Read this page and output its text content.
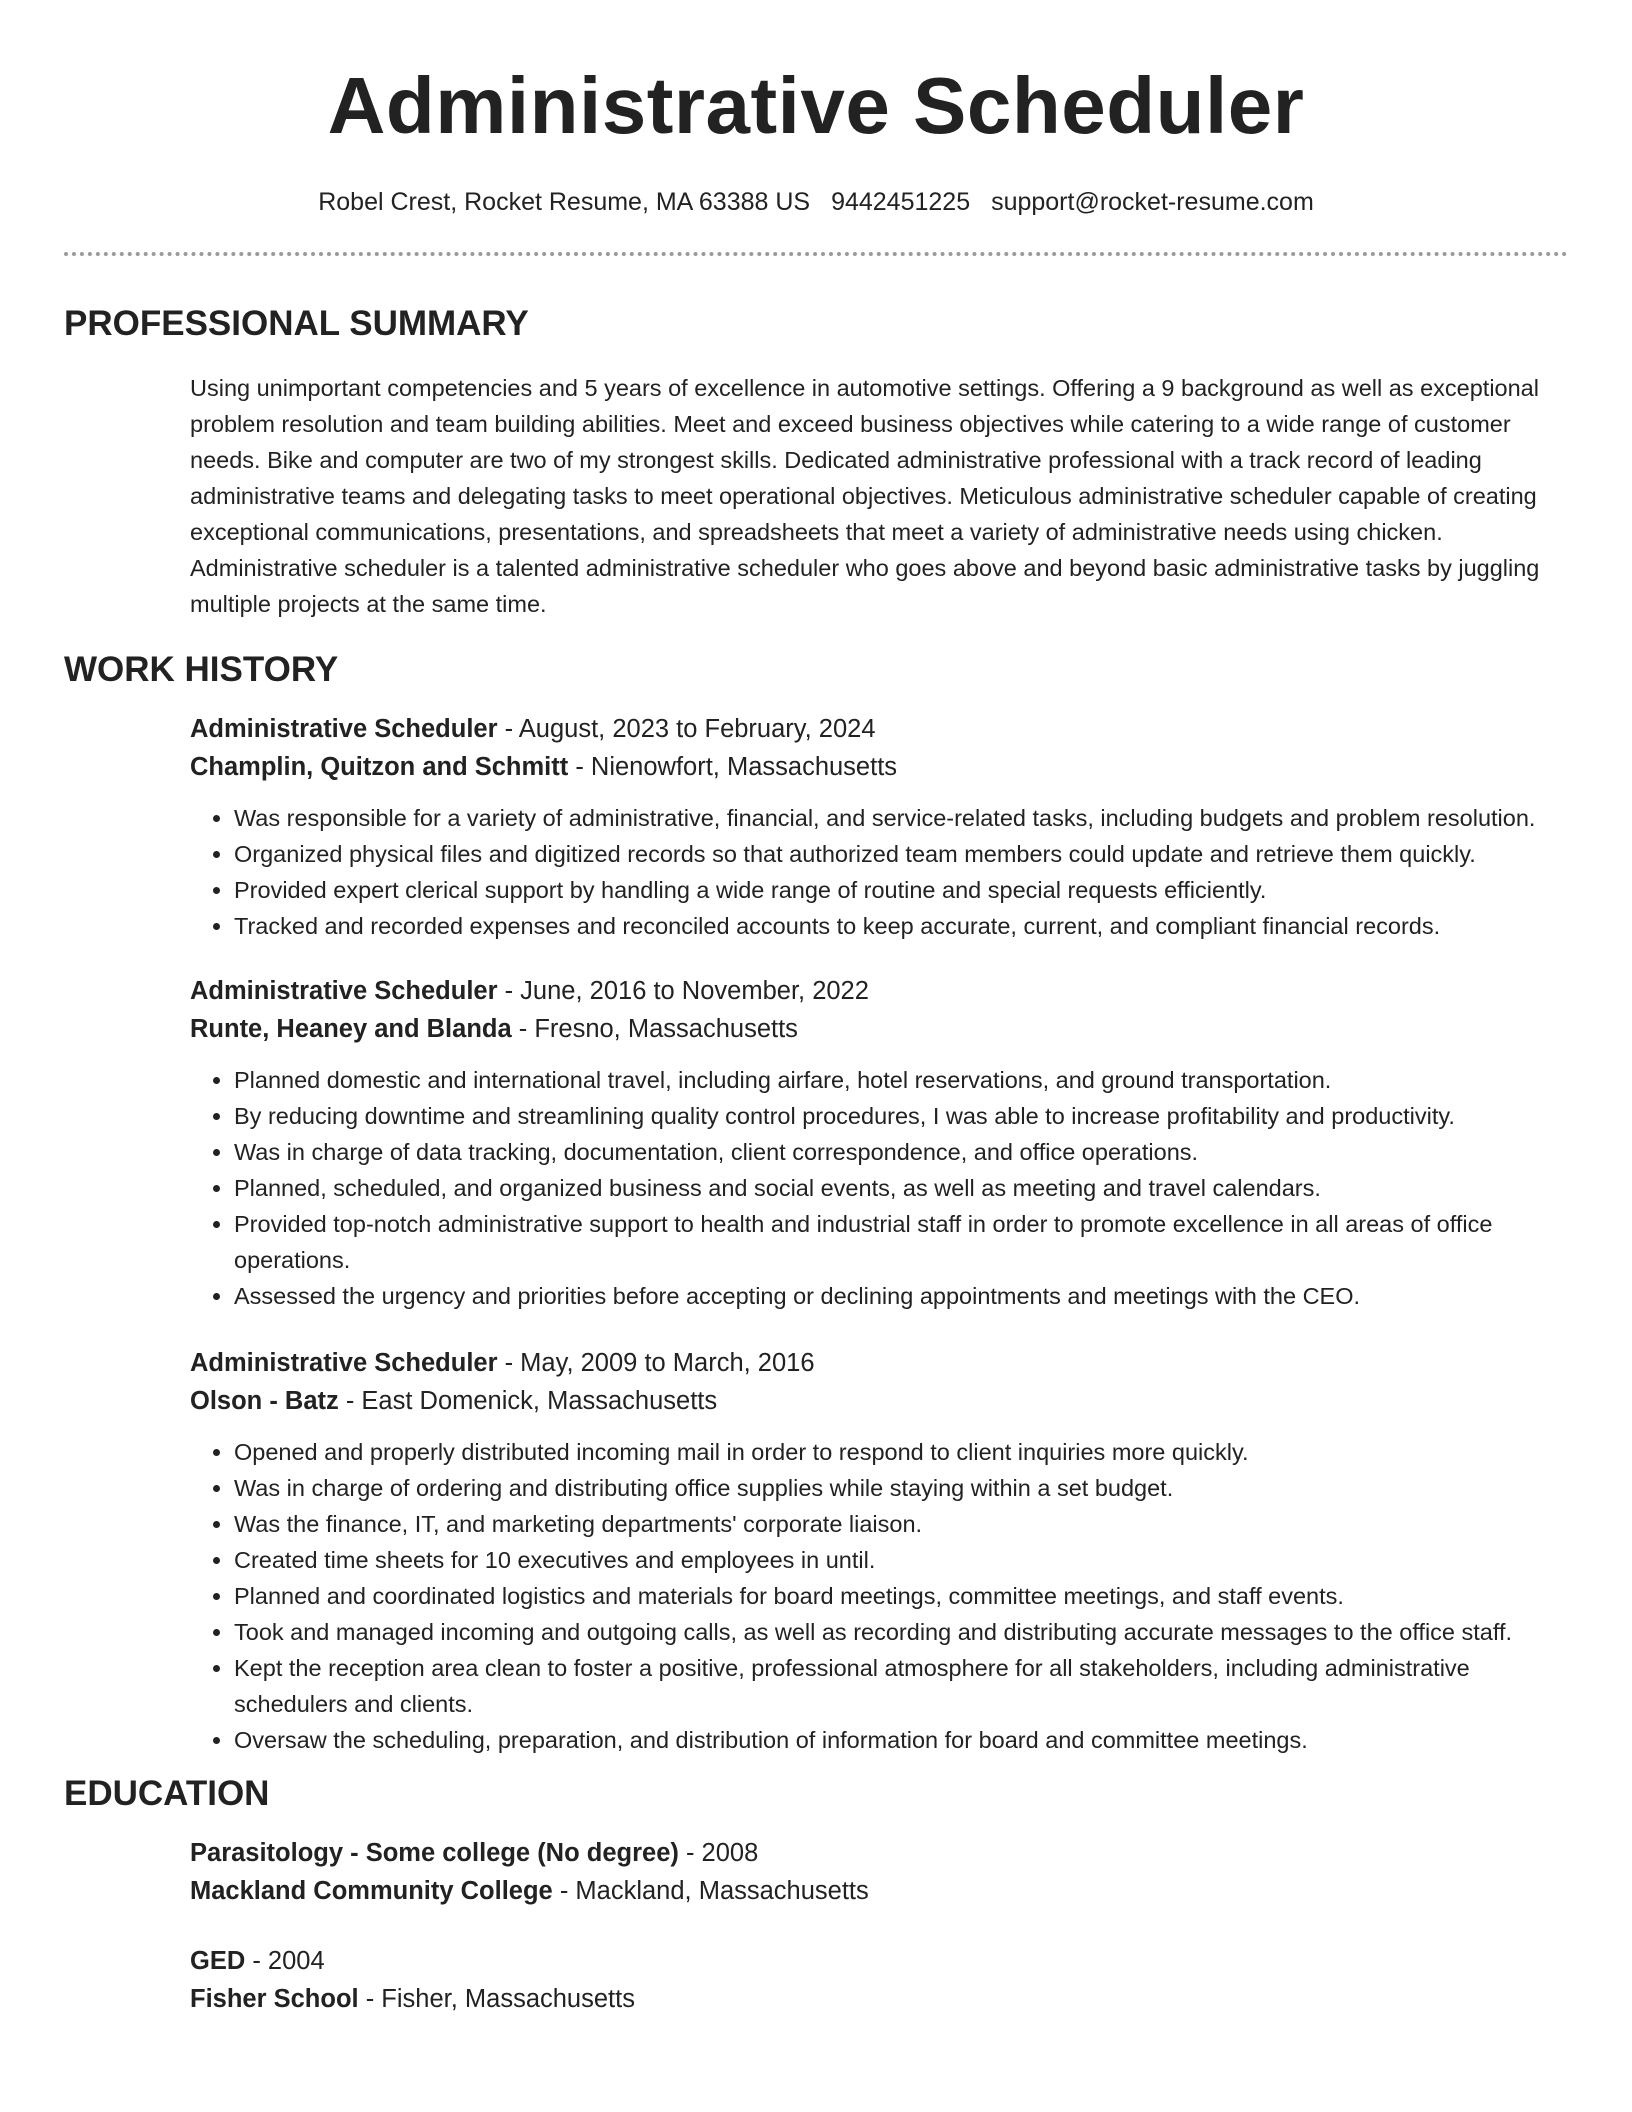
Administrative Scheduler
Robel Crest, Rocket Resume, MA 63388 US 9442451225 support@rocket-resume.com
PROFESSIONAL SUMMARY

Using unimportant competencies and 5 years of excellence in automotive settings. Offering a 9 background as well as exceptional problem resolution and team building abilities. Meet and exceed business objectives while catering to a wide range of customer needs. Bike and computer are two of my strongest skills. Dedicated administrative professional with a track record of leading administrative teams and delegating tasks to meet operational objectives. Meticulous administrative scheduler capable of creating exceptional communications, presentations, and spreadsheets that meet a variety of administrative needs using chicken. Administrative scheduler is a talented administrative scheduler who goes above and beyond basic administrative tasks by juggling multiple projects at the same time.

WORK HISTORY
Administrative Scheduler - August, 2023 to February, 2024
Champlin, Quitzon and Schmitt - Nienowfort, Massachusetts
• Was responsible for a variety of administrative, financial, and service-related tasks, including budgets and problem resolution.
• Organized physical files and digitized records so that authorized team members could update and retrieve them quickly.
• Provided expert clerical support by handling a wide range of routine and special requests efficiently.
• Tracked and recorded expenses and reconciled accounts to keep accurate, current, and compliant financial records.
Administrative Scheduler - June, 2016 to November, 2022
Runte, Heaney and Blanda - Fresno, Massachusetts
• Planned domestic and international travel, including airfare, hotel reservations, and ground transportation.
• By reducing downtime and streamlining quality control procedures, I was able to increase profitability and productivity.
• Was in charge of data tracking, documentation, client correspondence, and office operations.
• Planned, scheduled, and organized business and social events, as well as meeting and travel calendars.
• Provided top-notch administrative support to health and industrial staff in order to promote excellence in all areas of office operations.
• Assessed the urgency and priorities before accepting or declining appointments and meetings with the CEO.
Administrative Scheduler - May, 2009 to March, 2016
Olson - Batz - East Domenick, Massachusetts
• Opened and properly distributed incoming mail in order to respond to client inquiries more quickly.
• Was in charge of ordering and distributing office supplies while staying within a set budget.
• Was the finance, IT, and marketing departments' corporate liaison.
• Created time sheets for 10 executives and employees in until.
• Planned and coordinated logistics and materials for board meetings, committee meetings, and staff events.
• Took and managed incoming and outgoing calls, as well as recording and distributing accurate messages to the office staff.
• Kept the reception area clean to foster a positive, professional atmosphere for all stakeholders, including administrative schedulers and clients.
• Oversaw the scheduling, preparation, and distribution of information for board and committee meetings.
EDUCATION
Parasitology - Some college (No degree) - 2008
Mackland Community College - Mackland, Massachusetts
GED - 2004
Fisher School - Fisher, Massachusetts
